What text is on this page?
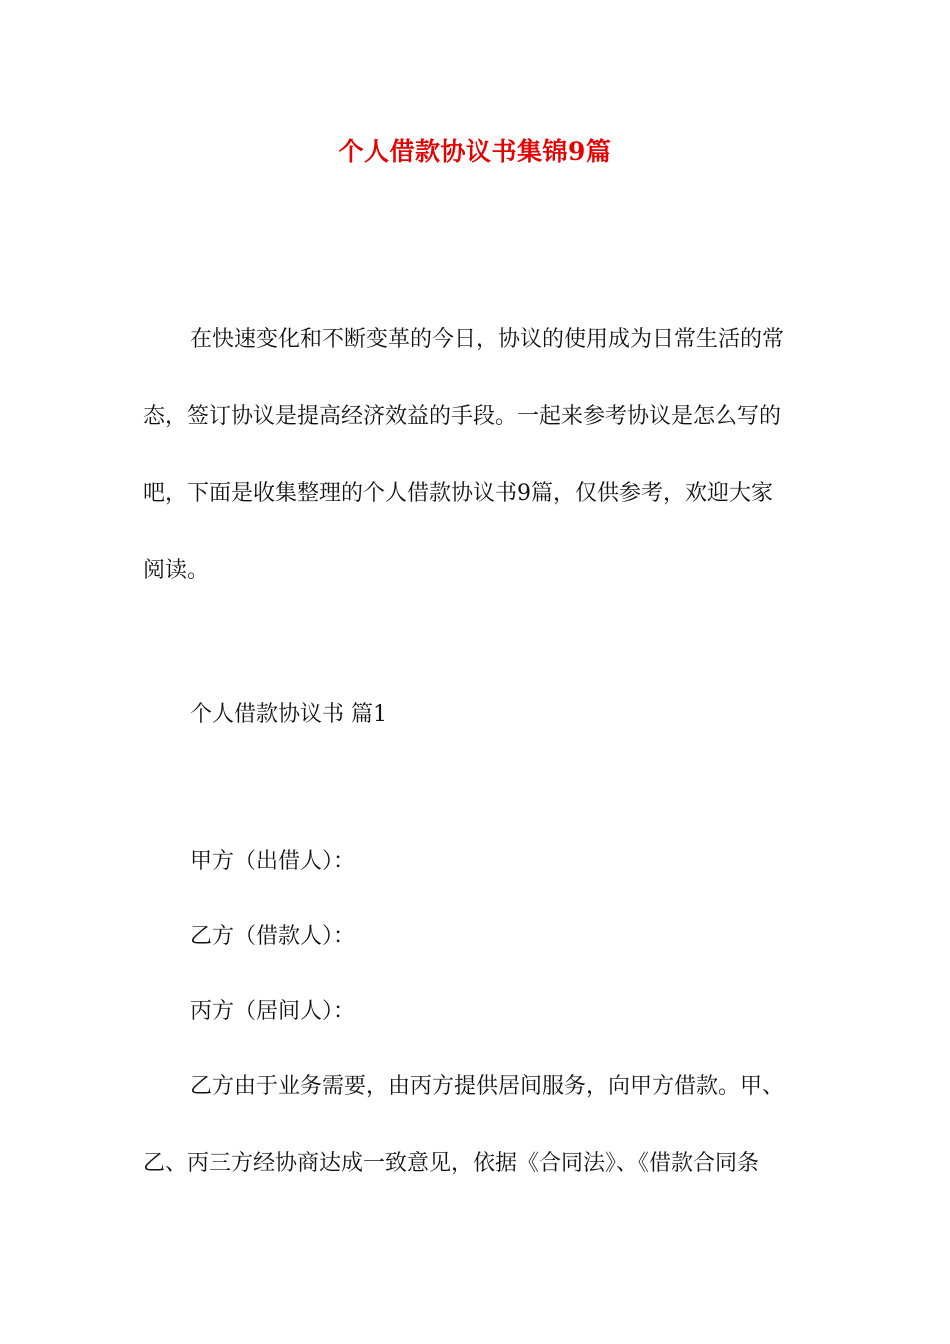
个人借款协议书集锦9篇
在快速变化和不断变革的今日，协议的使用成为日常生活的常
态，签订协议是提高经济效益的手段。一起来参考协议是怎么写的
吧，下面是收集整理的个人借款协议书9篇，仅供参考，欢迎大家
阅读。
个人借款协议书 篇1
甲方（出借人）：
乙方（借款人）：
丙方（居间人）：
乙方由于业务需要，由丙方提供居间服务，向甲方借款。甲、
乙、丙三方经协商达成一致意见，依据《合同法》、《借款合同条
